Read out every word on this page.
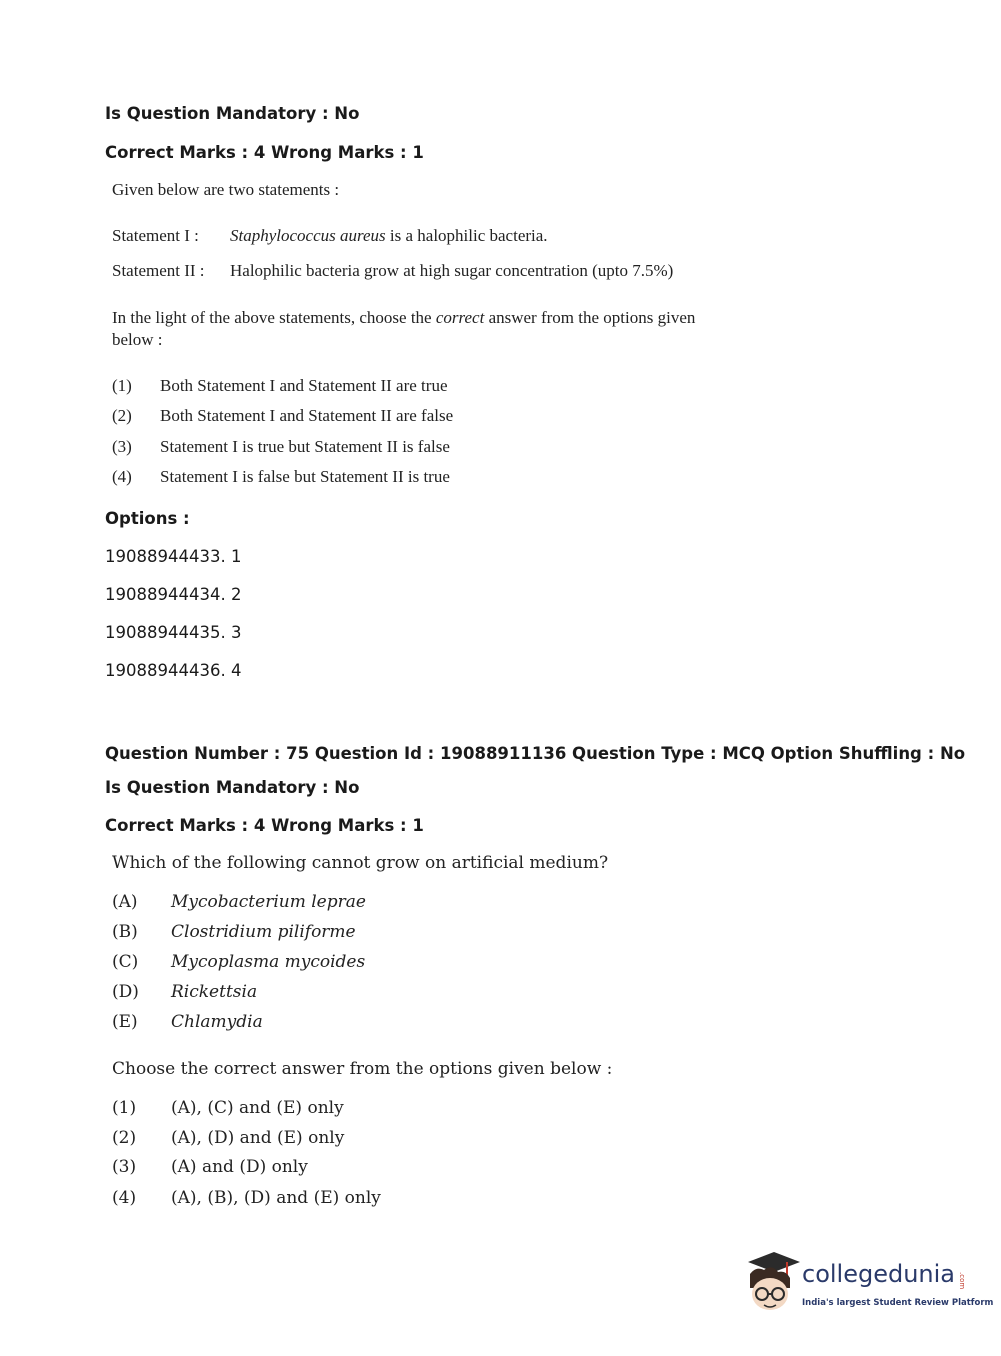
Is Question Mandatory : No
Correct Marks : 4 Wrong Marks : 1
Given below are two statements :
Statement I : Staphylococcus aureus is a halophilic bacteria.
Statement II : Halophilic bacteria grow at high sugar concentration (upto 7.5%)
In the light of the above statements, choose the correct answer from the options given
below :
(1) Both Statement I and Statement II are true
(2) Both Statement I and Statement II are false
(3) Statement I is true but Statement II is false
(4) Statement I is false but Statement II is true
Options :
19088944433. 1
19088944434. 2
19088944435. 3
19088944436. 4
Question Number : 75 Question Id : 19088911136 Question Type : MCQ Option Shuffling : No
Is Question Mandatory : No
Correct Marks : 4 Wrong Marks : 1
Which of the following cannot grow on artificial medium?
(A) Mycobacterium leprae
(B) Clostridium piliforme
(C) Mycoplasma mycoides
(D) Rickettsia
(E) Chlamydia
Choose the correct answer from the options given below :
(1) (A), (C) and (E) only
(2) (A), (D) and (E) only
(3) (A) and (D) only
(4) (A), (B), (D) and (E) only
collegedunia .com
India's largest Student Review Platform
